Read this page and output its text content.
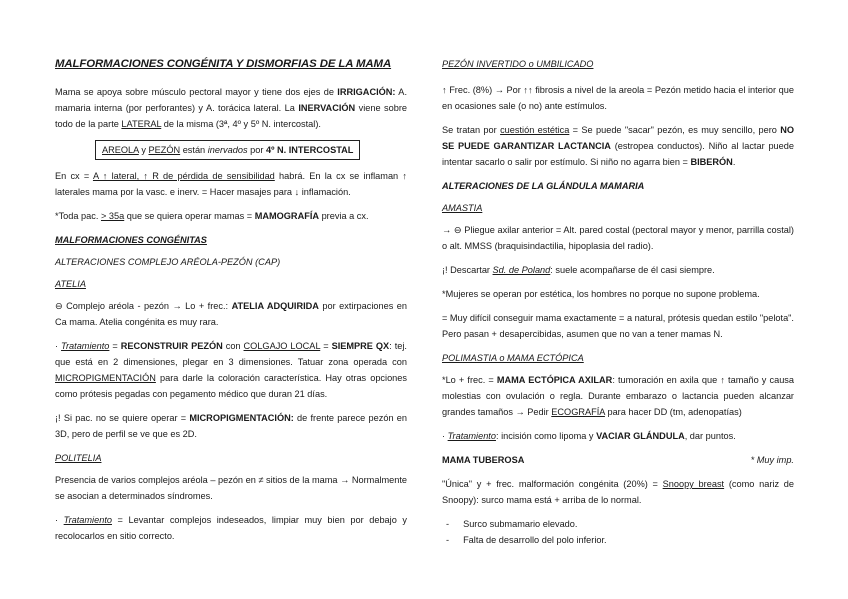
MALFORMACIONES CONGÉNITA Y DISMORFIAS DE LA MAMA

Mama se apoya sobre músculo pectoral mayor y tiene dos ejes de IRRIGACIÓN: A. mamaria interna (por perforantes) y A. torácica lateral. La INERVACIÓN viene sobre todo de la parte LATERAL de la misma (3ª, 4º y 5º N. intercostal).

AREOLA y PEZÓN están inervados por 4º N. INTERCOSTAL

En cx = A ↑ lateral, ↑ R de pérdida de sensibilidad habrá. En la cx se inflaman ↑ laterales mama por la vasc. e inerv. = Hacer masajes para ↓ inflamación.

*Toda pac. > 35a que se quiera operar mamas = MAMOGRAFÍA previa a cx.

MALFORMACIONES CONGÉNITAS
ALTERACIONES COMPLEJO ARÉOLA-PEZÓN (CAP)
ATELIA

⊖ Complejo aréola - pezón → Lo + frec.: ATELIA ADQUIRIDA por extirpaciones en Ca mama. Atelia congénita es muy rara.

· Tratamiento = RECONSTRUIR PEZÓN con COLGAJO LOCAL = SIEMPRE QX: tej. que está en 2 dimensiones, plegar en 3 dimensiones. Tatuar zona operada con MICROPIGMENTACIÓN para darle la coloración característica. Hay otras opciones como prótesis pegadas con pegamento médico que duran 21 días.

¡! Si pac. no se quiere operar = MICROPIGMENTACIÓN: de frente parece pezón en 3D, pero de perfil se ve que es 2D.

POLITELIA

Presencia de varios complejos aréola – pezón en ≠ sitios de la mama → Normalmente se asocian a determinados síndromes.

· Tratamiento = Levantar complejos indeseados, limpiar muy bien por debajo y recolocarlos en sitio correcto.

PEZÓN INVERTIDO o UMBILICADO

↑ Frec. (8%) → Por ↑↑ fibrosis a nivel de la areola = Pezón metido hacia el interior que en ocasiones sale (o no) ante estímulos.

Se tratan por cuestión estética = Se puede "sacar" pezón, es muy sencillo, pero NO SE PUEDE GARANTIZAR LACTANCIA (estropea conductos). Niño al lactar puede intentar sacarlo o salir por estímulo. Si niño no agarra bien = BIBERÓN.

ALTERACIONES DE LA GLÁNDULA MAMARIA
AMASTIA

→ ⊖ Pliegue axilar anterior = Alt. pared costal (pectoral mayor y menor, parrilla costal) o alt. MMSS (braquisindactilia, hipoplasia del radio).

¡! Descartar Sd. de Poland: suele acompañarse de él casi siempre.

*Mujeres se operan por estética, los hombres no porque no supone problema.

= Muy difícil conseguir mama exactamente = a natural, prótesis quedan estilo "pelota". Pero pasan + desapercibidas, asumen que no van a tener mamas N.

POLIMASTIA o MAMA ECTÓPICA

*Lo + frec. = MAMA ECTÓPICA AXILAR: tumoración en axila que ↑ tamaño y causa molestias con ovulación o regla. Durante embarazo o lactancia pueden alcanzar grandes tamaños → Pedir ECOGRAFÍA para hacer DD (tm, adenopatías)

· Tratamiento: incisión como lipoma y VACIAR GLÁNDULA, dar puntos.

MAMA TUBEROSA	* Muy imp.

"Única" y + frec. malformación congénita (20%) = Snoopy breast (como nariz de Snoopy): surco mama está + arriba de lo normal.

- Surco submamario elevado.
- Falta de desarrollo del polo inferior.
